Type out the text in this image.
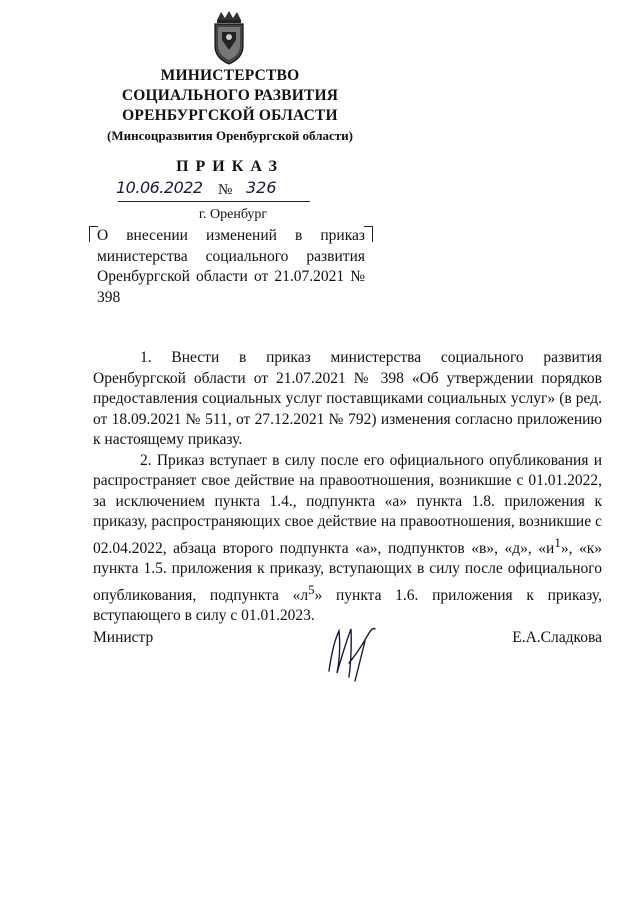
МИНИСТЕРСТВО
СОЦИАЛЬНОГО РАЗВИТИЯ
ОРЕНБУРГСКОЙ ОБЛАСТИ
(Минсоцразвития Оренбургской области)
ПРИКАЗ
10.06.2022 № 326
г. Оренбург
О внесении изменений в приказ министерства социального развития Оренбургской области от 21.07.2021 № 398

1. Внести в приказ министерства социального развития Оренбургской области от 21.07.2021 № 398 «Об утверждении порядков предоставления социальных услуг поставщиками социальных услуг» (в ред. от 18.09.2021 № 511, от 27.12.2021 № 792) изменения согласно приложению к настоящему приказу.

2. Приказ вступает в силу после его официального опубликования и распространяет свое действие на правоотношения, возникшие с 01.01.2022, за исключением пункта 1.4., подпункта «а» пункта 1.8. приложения к приказу, распространяющих свое действие на правоотношения, возникшие с 02.04.2022, абзаца второго подпункта «а», подпунктов «в», «д», «$и^1$», «к» пункта 1.5. приложения к приказу, вступающих в силу после официального опубликования, подпункта «$л^5$» пункта 1.6. приложения к приказу, вступающего в силу с 01.01.2023.

Министр	Е.А.Сладкова
